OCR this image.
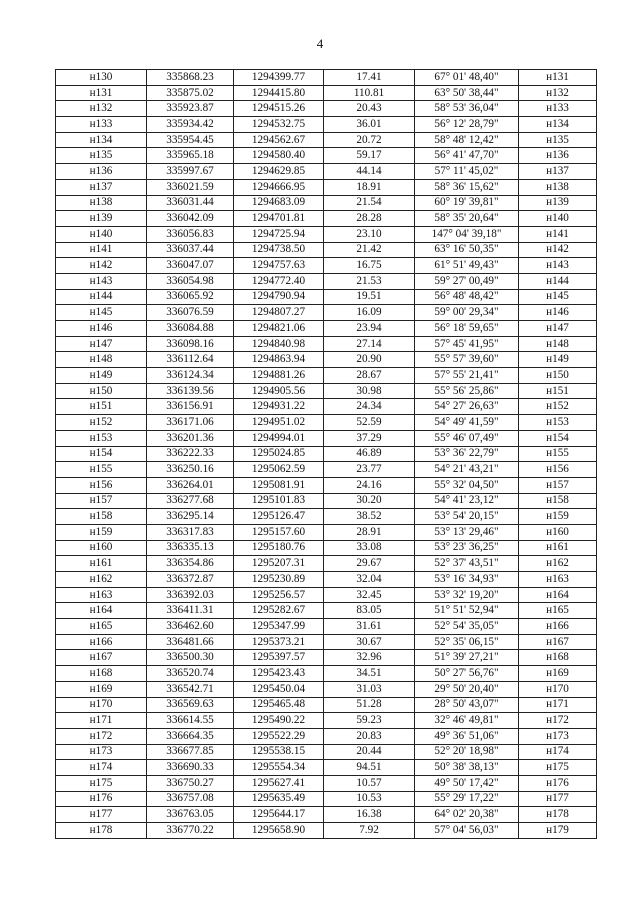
4
н130	335868.23	1294399.77	17.41	67° 01' 48,40"	н131
н131	335875.02	1294415.80	110.81	63° 50' 38,44"	н132
н132	335923.87	1294515.26	20.43	58° 53' 36,04"	н133
н133	335934.42	1294532.75	36.01	56° 12' 28,79"	н134
н134	335954.45	1294562.67	20.72	58° 48' 12,42"	н135
н135	335965.18	1294580.40	59.17	56° 41' 47,70"	н136
н136	335997.67	1294629.85	44.14	57° 11' 45,02"	н137
н137	336021.59	1294666.95	18.91	58° 36' 15,62"	н138
н138	336031.44	1294683.09	21.54	60° 19' 39,81"	н139
н139	336042.09	1294701.81	28.28	58° 35' 20,64"	н140
н140	336056.83	1294725.94	23.10	147° 04' 39,18"	н141
н141	336037.44	1294738.50	21.42	63° 16' 50,35"	н142
н142	336047.07	1294757.63	16.75	61° 51' 49,43"	н143
н143	336054.98	1294772.40	21.53	59° 27' 00,49"	н144
н144	336065.92	1294790.94	19.51	56° 48' 48,42"	н145
н145	336076.59	1294807.27	16.09	59° 00' 29,34"	н146
н146	336084.88	1294821.06	23.94	56° 18' 59,65"	н147
н147	336098.16	1294840.98	27.14	57° 45' 41,95"	н148
н148	336112.64	1294863.94	20.90	55° 57' 39,60"	н149
н149	336124.34	1294881.26	28.67	57° 55' 21,41"	н150
н150	336139.56	1294905.56	30.98	55° 56' 25,86"	н151
н151	336156.91	1294931.22	24.34	54° 27' 26,63"	н152
н152	336171.06	1294951.02	52.59	54° 49' 41,59"	н153
н153	336201.36	1294994.01	37.29	55° 46' 07,49"	н154
н154	336222.33	1295024.85	46.89	53° 36' 22,79"	н155
н155	336250.16	1295062.59	23.77	54° 21' 43,21"	н156
н156	336264.01	1295081.91	24.16	55° 32' 04,50"	н157
н157	336277.68	1295101.83	30.20	54° 41' 23,12"	н158
н158	336295.14	1295126.47	38.52	53° 54' 20,15"	н159
н159	336317.83	1295157.60	28.91	53° 13' 29,46"	н160
н160	336335.13	1295180.76	33.08	53° 23' 36,25"	н161
н161	336354.86	1295207.31	29.67	52° 37' 43,51"	н162
н162	336372.87	1295230.89	32.04	53° 16' 34,93"	н163
н163	336392.03	1295256.57	32.45	53° 32' 19,20"	н164
н164	336411.31	1295282.67	83.05	51° 51' 52,94"	н165
н165	336462.60	1295347.99	31.61	52° 54' 35,05"	н166
н166	336481.66	1295373.21	30.67	52° 35' 06,15"	н167
н167	336500.30	1295397.57	32.96	51° 39' 27,21"	н168
н168	336520.74	1295423.43	34.51	50° 27' 56,76"	н169
н169	336542.71	1295450.04	31.03	29° 50' 20,40"	н170
н170	336569.63	1295465.48	51.28	28° 50' 43,07"	н171
н171	336614.55	1295490.22	59.23	32° 46' 49,81"	н172
н172	336664.35	1295522.29	20.83	49° 36' 51,06"	н173
н173	336677.85	1295538.15	20.44	52° 20' 18,98"	н174
н174	336690.33	1295554.34	94.51	50° 38' 38,13"	н175
н175	336750.27	1295627.41	10.57	49° 50' 17,42"	н176
н176	336757.08	1295635.49	10.53	55° 29' 17,22"	н177
н177	336763.05	1295644.17	16.38	64° 02' 20,38"	н178
н178	336770.22	1295658.90	7.92	57° 04' 56,03"	н179
